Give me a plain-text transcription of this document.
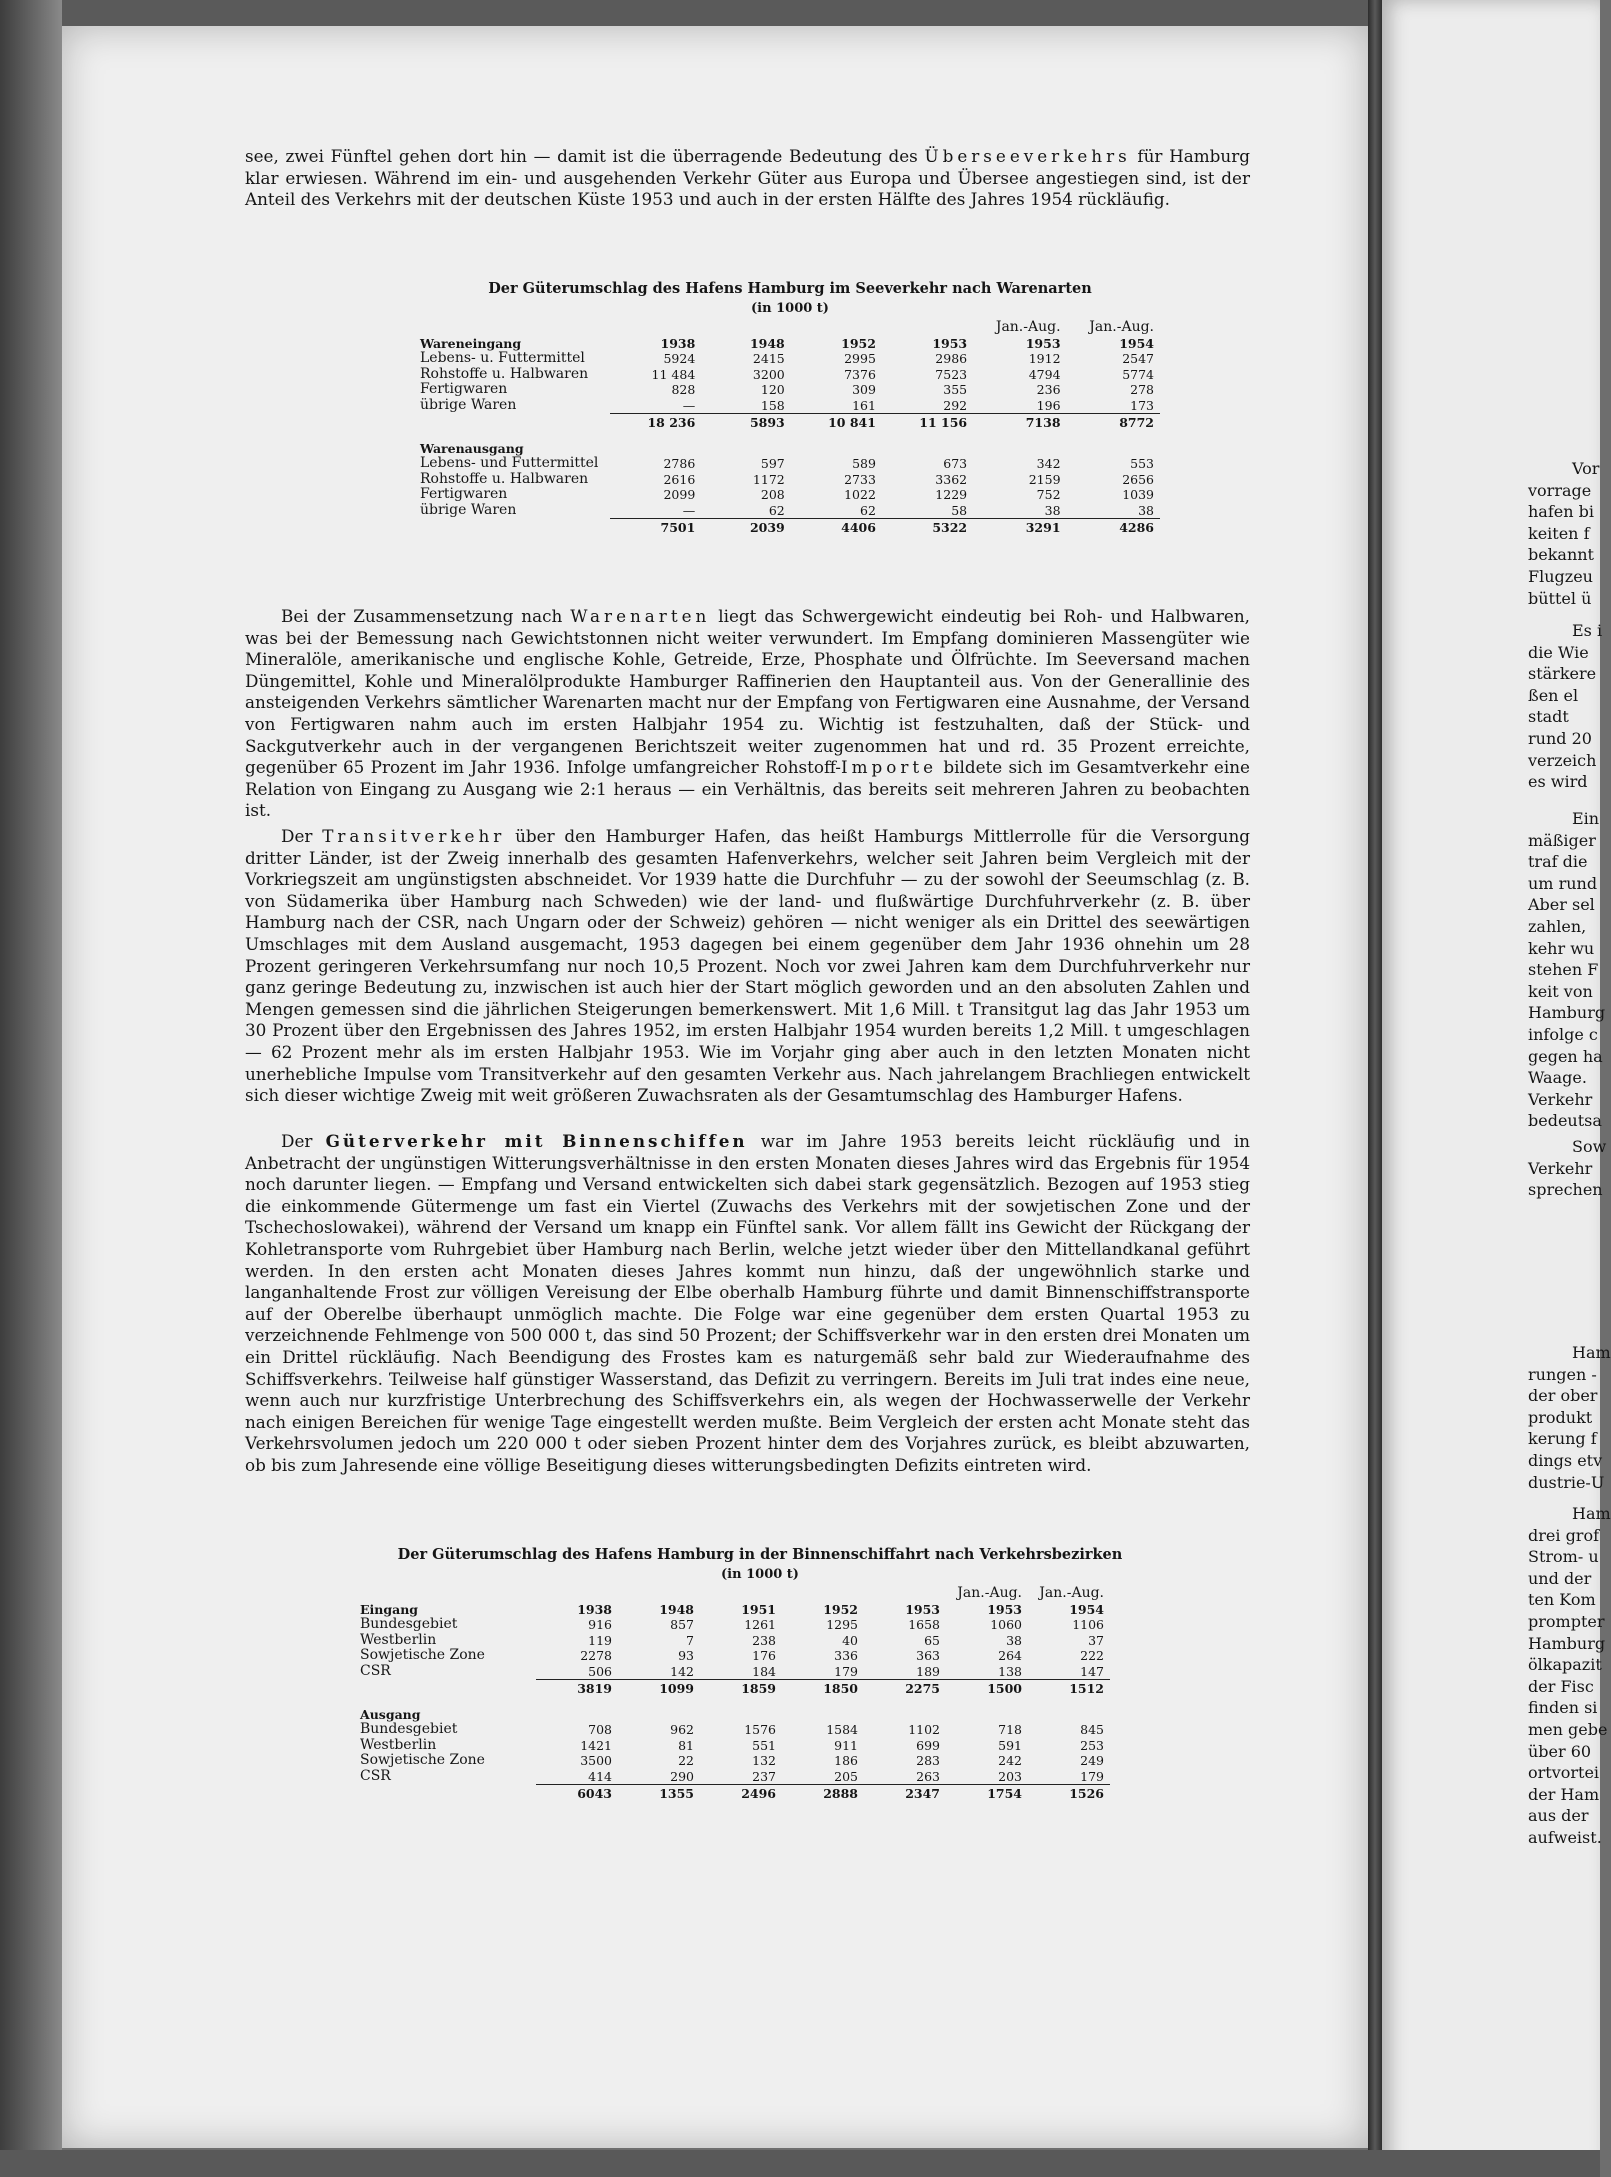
Vor
vorrage
hafen bi
keiten f
bekannt
Flugzeu
büttel ü
Es i
die Wie
stärkere
ßen el
stadt
rund 20
verzeich
es wird
Ein
mäßiger
traf die
um rund
Aber sel
zahlen,
kehr wu
stehen F
keit von
Hamburg
infolge c
gegen ha
Waage.
Verkehr
bedeutsa
Sow
Verkehr
sprechen
Ham
rungen -
der ober
produkt
kerung f
dings etv
dustrie-U
Ham
drei grof
Strom- u
und der
ten Kom
prompter
Hamburg
ölkapazit
der Fisc
finden si
men gebe
über 60
ortvortei
der Ham
aus der
aufweist.

see, zwei Fünftel gehen dort hin — damit ist die überragende Bedeutung des Überseeverkehrs für Hamburg klar erwiesen. Während im ein- und ausgehenden Verkehr Güter aus Europa und Übersee angestiegen sind, ist der Anteil des Verkehrs mit der deutschen Küste 1953 und auch in der ersten Hälfte des Jahres 1954 rückläufig.

Der Güterumschlag des Hafens Hamburg im Seeverkehr nach Warenarten

(in 1000 t)

					Jan.-Aug.	Jan.-Aug.
Wareneingang	1938	1948	1952	1953	1953	1954
Lebens- u. Futtermittel	5924	2415	2995	2986	1912	2547
Rohstoffe u. Halbwaren	11 484	3200	7376	7523	4794	5774
Fertigwaren	828	120	309	355	236	278
übrige Waren	—	158	161	292	196	173
	18 236	5893	10 841	11 156	7138	8772

Warenausgang						
Lebens- und Futtermittel	2786	597	589	673	342	553
Rohstoffe u. Halbwaren	2616	1172	2733	3362	2159	2656
Fertigwaren	2099	208	1022	1229	752	1039
übrige Waren	—	62	62	58	38	38
	7501	2039	4406	5322	3291	4286

Bei der Zusammensetzung nach Warenarten liegt das Schwergewicht eindeutig bei Roh- und Halbwaren, was bei der Bemessung nach Gewichtstonnen nicht weiter verwundert. Im Empfang dominieren Massengüter wie Mineralöle, amerikanische und englische Kohle, Getreide, Erze, Phosphate und Ölfrüchte. Im Seeversand machen Düngemittel, Kohle und Mineralölprodukte Hamburger Raffinerien den Hauptanteil aus. Von der Generallinie des ansteigenden Verkehrs sämtlicher Warenarten macht nur der Empfang von Fertigwaren eine Ausnahme, der Versand von Fertigwaren nahm auch im ersten Halbjahr 1954 zu. Wichtig ist festzuhalten, daß der Stück- und Sackgutverkehr auch in der vergangenen Berichtszeit weiter zugenommen hat und rd. 35 Prozent erreichte, gegenüber 65 Prozent im Jahr 1936. Infolge umfangreicher Rohstoff-Importe bildete sich im Gesamtverkehr eine Relation von Eingang zu Ausgang wie 2:1 heraus — ein Verhältnis, das bereits seit mehreren Jahren zu beobachten ist.

Der Transitverkehr über den Hamburger Hafen, das heißt Hamburgs Mittlerrolle für die Versorgung dritter Länder, ist der Zweig innerhalb des gesamten Hafenverkehrs, welcher seit Jahren beim Vergleich mit der Vorkriegszeit am ungünstigsten abschneidet. Vor 1939 hatte die Durchfuhr — zu der sowohl der Seeumschlag (z. B. von Südamerika über Hamburg nach Schweden) wie der land- und flußwärtige Durchfuhrverkehr (z. B. über Hamburg nach der CSR, nach Ungarn oder der Schweiz) gehören — nicht weniger als ein Drittel des seewärtigen Umschlages mit dem Ausland ausgemacht, 1953 dagegen bei einem gegenüber dem Jahr 1936 ohnehin um 28 Prozent geringeren Verkehrsumfang nur noch 10,5 Prozent. Noch vor zwei Jahren kam dem Durchfuhrverkehr nur ganz geringe Bedeutung zu, inzwischen ist auch hier der Start möglich geworden und an den absoluten Zahlen und Mengen gemessen sind die jährlichen Steigerungen bemerkenswert. Mit 1,6 Mill. t Transitgut lag das Jahr 1953 um 30 Prozent über den Ergebnissen des Jahres 1952, im ersten Halbjahr 1954 wurden bereits 1,2 Mill. t umgeschlagen — 62 Prozent mehr als im ersten Halbjahr 1953. Wie im Vorjahr ging aber auch in den letzten Monaten nicht unerhebliche Impulse vom Transitverkehr auf den gesamten Verkehr aus. Nach jahrelangem Brachliegen entwickelt sich dieser wichtige Zweig mit weit größeren Zuwachsraten als der Gesamtumschlag des Hamburger Hafens.

Der Güterverkehr mit Binnenschiffen war im Jahre 1953 bereits leicht rückläufig und in Anbetracht der ungünstigen Witterungsverhältnisse in den ersten Monaten dieses Jahres wird das Ergebnis für 1954 noch darunter liegen. — Empfang und Versand entwickelten sich dabei stark gegensätzlich. Bezogen auf 1953 stieg die einkommende Gütermenge um fast ein Viertel (Zuwachs des Verkehrs mit der sowjetischen Zone und der Tschechoslowakei), während der Versand um knapp ein Fünftel sank. Vor allem fällt ins Gewicht der Rückgang der Kohletransporte vom Ruhrgebiet über Hamburg nach Berlin, welche jetzt wieder über den Mittellandkanal geführt werden. In den ersten acht Monaten dieses Jahres kommt nun hinzu, daß der ungewöhnlich starke und langanhaltende Frost zur völligen Vereisung der Elbe oberhalb Hamburg führte und damit Binnenschiffstransporte auf der Oberelbe überhaupt unmöglich machte. Die Folge war eine gegenüber dem ersten Quartal 1953 zu verzeichnende Fehlmenge von 500 000 t, das sind 50 Prozent; der Schiffsverkehr war in den ersten drei Monaten um ein Drittel rückläufig. Nach Beendigung des Frostes kam es naturgemäß sehr bald zur Wiederaufnahme des Schiffsverkehrs. Teilweise half günstiger Wasserstand, das Defizit zu verringern. Bereits im Juli trat indes eine neue, wenn auch nur kurzfristige Unterbrechung des Schiffsverkehrs ein, als wegen der Hochwasserwelle der Verkehr nach einigen Bereichen für wenige Tage eingestellt werden mußte. Beim Vergleich der ersten acht Monate steht das Verkehrsvolumen jedoch um 220 000 t oder sieben Prozent hinter dem des Vorjahres zurück, es bleibt abzuwarten, ob bis zum Jahresende eine völlige Beseitigung dieses witterungsbedingten Defizits eintreten wird.

Der Güterumschlag des Hafens Hamburg in der Binnenschiffahrt nach Verkehrsbezirken

(in 1000 t)

						Jan.-Aug.	Jan.-Aug.
Eingang	1938	1948	1951	1952	1953	1953	1954
Bundesgebiet	916	857	1261	1295	1658	1060	1106
Westberlin	119	7	238	40	65	38	37
Sowjetische Zone	2278	93	176	336	363	264	222
CSR	506	142	184	179	189	138	147
	3819	1099	1859	1850	2275	1500	1512

Ausgang							
Bundesgebiet	708	962	1576	1584	1102	718	845
Westberlin	1421	81	551	911	699	591	253
Sowjetische Zone	3500	22	132	186	283	242	249
CSR	414	290	237	205	263	203	179
	6043	1355	2496	2888	2347	1754	1526
